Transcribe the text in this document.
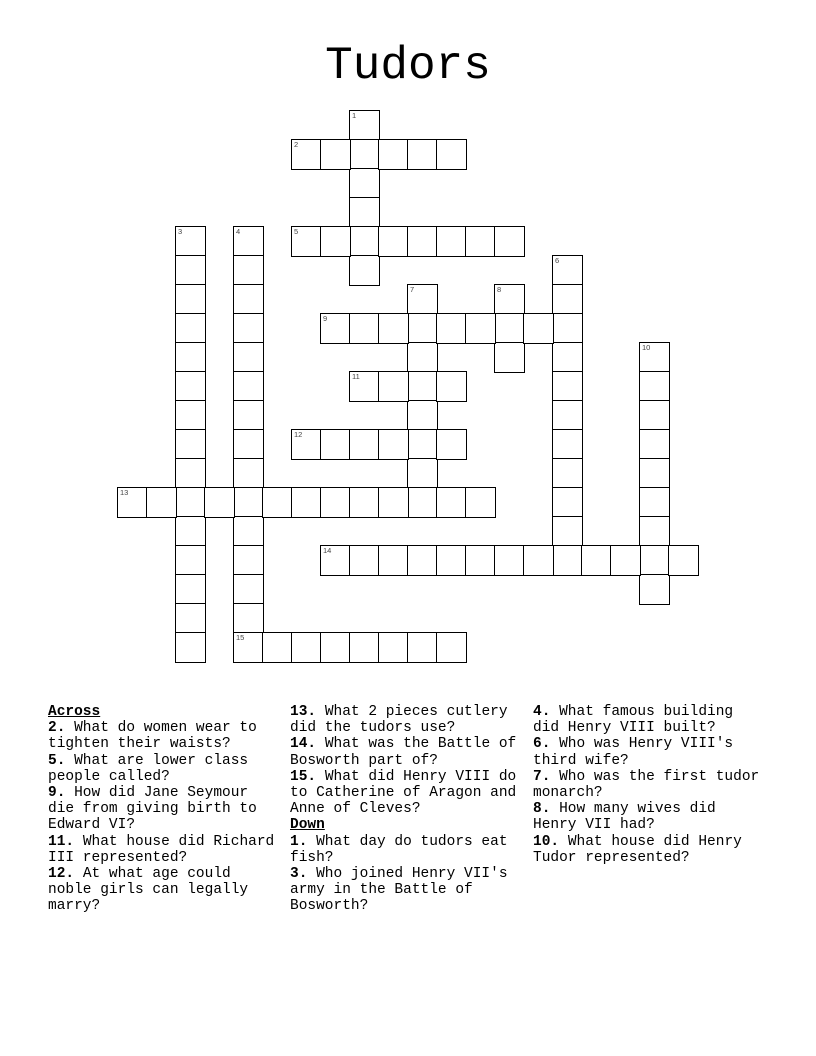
Tudors
1
2
3	4
15
5
6
7	8
9
10
11
12
13
14
Across
2. What do women wear to tighten their waists?
5. What are lower class people called?
9. How did Jane Seymour die from giving birth to Edward VI?
11. What house did Richard III represented?
12. At what age could noble girls can legally marry?
13. What 2 pieces cutlery did the tudors use?
14. What was the Battle of Bosworth part of?
15. What did Henry VIII do to Catherine of Aragon and Anne of Cleves?
Down
1. What day do tudors eat fish?
3. Who joined Henry VII's army in the Battle of Bosworth?
4. What famous building did Henry VIII built?
6. Who was Henry VIII's third wife?
7. Who was the first tudor monarch?
8. How many wives did Henry VII had?
10. What house did Henry Tudor represented?
